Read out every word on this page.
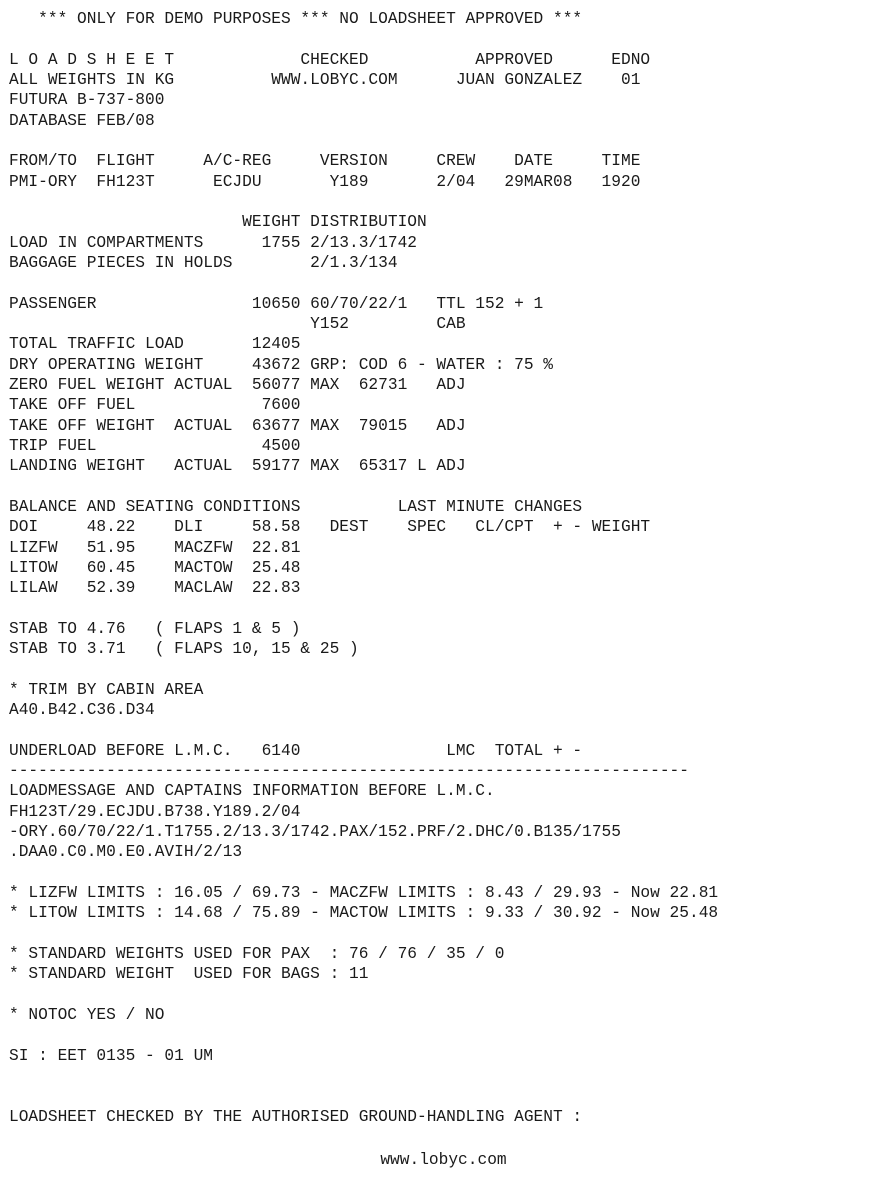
*** ONLY FOR DEMO PURPOSES *** NO LOADSHEET APPROVED ***
L O A D S H E E T             CHECKED           APPROVED      EDNO
ALL WEIGHTS IN KG          WWW.LOBYC.COM      JUAN GONZALEZ    01
FUTURA B-737-800
DATABASE FEB/08
FROM/TO  FLIGHT     A/C-REG     VERSION     CREW    DATE     TIME
PMI-ORY  FH123T      ECJDU       Y189       2/04   29MAR08   1920
WEIGHT DISTRIBUTION
LOAD IN COMPARTMENTS      1755 2/13.3/1742
BAGGAGE PIECES IN HOLDS        2/1.3/134
PASSENGER                10650 60/70/22/1   TTL 152 + 1
Y152         CAB
TOTAL TRAFFIC LOAD       12405
DRY OPERATING WEIGHT     43672 GRP: COD 6 - WATER : 75 %
ZERO FUEL WEIGHT ACTUAL  56077 MAX  62731   ADJ
TAKE OFF FUEL             7600
TAKE OFF WEIGHT  ACTUAL  63677 MAX  79015   ADJ
TRIP FUEL                 4500
LANDING WEIGHT   ACTUAL  59177 MAX  65317 L ADJ
BALANCE AND SEATING CONDITIONS          LAST MINUTE CHANGES
DOI     48.22    DLI     58.58   DEST    SPEC   CL/CPT  + - WEIGHT
LIZFW   51.95    MACZFW  22.81
LITOW   60.45    MACTOW  25.48
LILAW   52.39    MACLAW  22.83
STAB TO 4.76   ( FLAPS 1 & 5 )
STAB TO 3.71   ( FLAPS 10, 15 & 25 )
* TRIM BY CABIN AREA
A40.B42.C36.D34
UNDERLOAD BEFORE L.M.C.   6140               LMC  TOTAL + -
----------------------------------------------------------------------
LOADMESSAGE AND CAPTAINS INFORMATION BEFORE L.M.C.
FH123T/29.ECJDU.B738.Y189.2/04
-ORY.60/70/22/1.T1755.2/13.3/1742.PAX/152.PRF/2.DHC/0.B135/1755
.DAA0.C0.M0.E0.AVIH/2/13
* LIZFW LIMITS : 16.05 / 69.73 - MACZFW LIMITS : 8.43 / 29.93 - Now 22.81
* LITOW LIMITS : 14.68 / 75.89 - MACTOW LIMITS : 9.33 / 30.92 - Now 25.48
* STANDARD WEIGHTS USED FOR PAX  : 76 / 76 / 35 / 0
* STANDARD WEIGHT  USED FOR BAGS : 11
* NOTOC YES / NO
SI : EET 0135 - 01 UM
LOADSHEET CHECKED BY THE AUTHORISED GROUND-HANDLING AGENT :
www.lobyc.com
